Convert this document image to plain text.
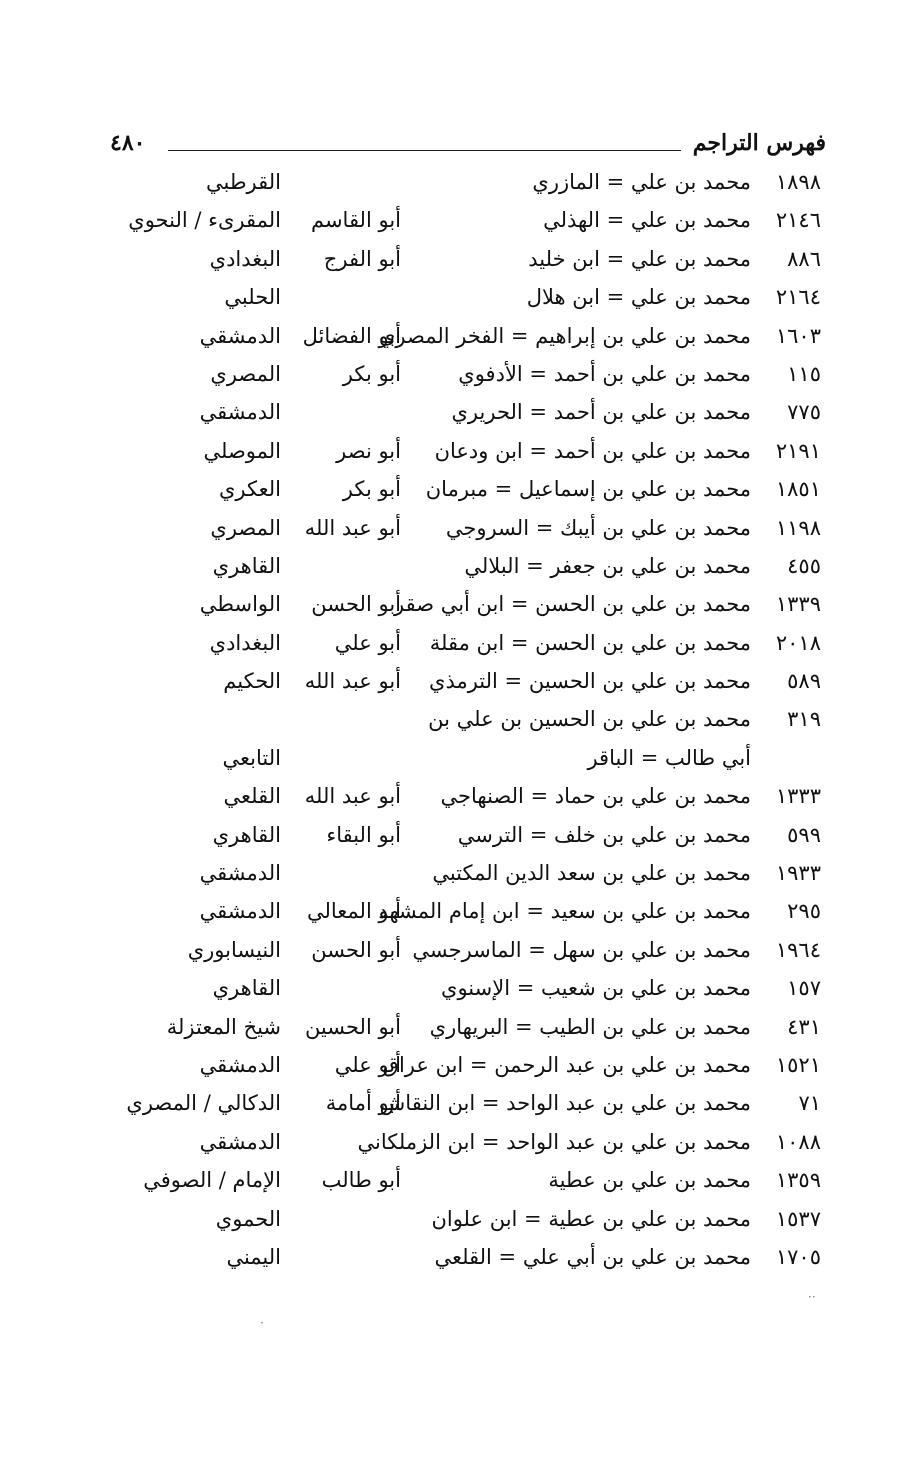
فهرس التراجم
٤٨٠
١٨٩٨
محمد بن علي = المازري
القرطبي
٢١٤٦
محمد بن علي = الهذلي
أبو القاسم
المقرىء / النحوي
٨٨٦
محمد بن علي = ابن خليد
أبو الفرج
البغدادي
٢١٦٤
محمد بن علي = ابن هلال
الحلبي
١٦٠٣
محمد بن علي بن إبراهيم = الفخر المصري
أبو الفضائل
الدمشقي
١١٥
محمد بن علي بن أحمد = الأدفوي
أبو بكر
المصري
٧٧٥
محمد بن علي بن أحمد = الحريري
الدمشقي
٢١٩١
محمد بن علي بن أحمد = ابن ودعان
أبو نصر
الموصلي
١٨٥١
محمد بن علي بن إسماعيل = مبرمان
أبو بكر
العكري
١١٩٨
محمد بن علي بن أيبك = السروجي
أبو عبد الله
المصري
٤٥٥
محمد بن علي بن جعفر = البلالي
القاهري
١٣٣٩
محمد بن علي بن الحسن = ابن أبي صقر
أبو الحسن
الواسطي
٢٠١٨
محمد بن علي بن الحسن = ابن مقلة
أبو علي
البغدادي
٥٨٩
محمد بن علي بن الحسين = الترمذي
أبو عبد الله
الحكيم
٣١٩
محمد بن علي بن الحسين بن علي بن
أبي طالب = الباقر
التابعي
١٣٣٣
محمد بن علي بن حماد = الصنهاجي
أبو عبد الله
القلعي
٥٩٩
محمد بن علي بن خلف = الترسي
أبو البقاء
القاهري
١٩٣٣
محمد بن علي بن سعد الدين المكتبي
الدمشقي
٢٩٥
محمد بن علي بن سعيد = ابن إمام المشهد
أبو المعالي
الدمشقي
١٩٦٤
محمد بن علي بن سهل = الماسرجسي
أبو الحسن
النيسابوري
١٥٧
محمد بن علي بن شعيب = الإسنوي
القاهري
٤٣١
محمد بن علي بن الطيب = البريهاري
أبو الحسين
شيخ المعتزلة
١٥٢١
محمد بن علي بن عبد الرحمن = ابن عراق
أبو علي
الدمشقي
٧١
محمد بن علي بن عبد الواحد = ابن النقاش
أبو أمامة
الدكالي / المصري
١٠٨٨
محمد بن علي بن عبد الواحد = ابن الزملكاني
الدمشقي
١٣٥٩
محمد بن علي بن عطية
أبو طالب
الإمام / الصوفي
١٥٣٧
محمد بن علي بن عطية = ابن علوان
الحموي
١٧٠٥
محمد بن علي بن أبي علي = القلعي
اليمني
··
·
